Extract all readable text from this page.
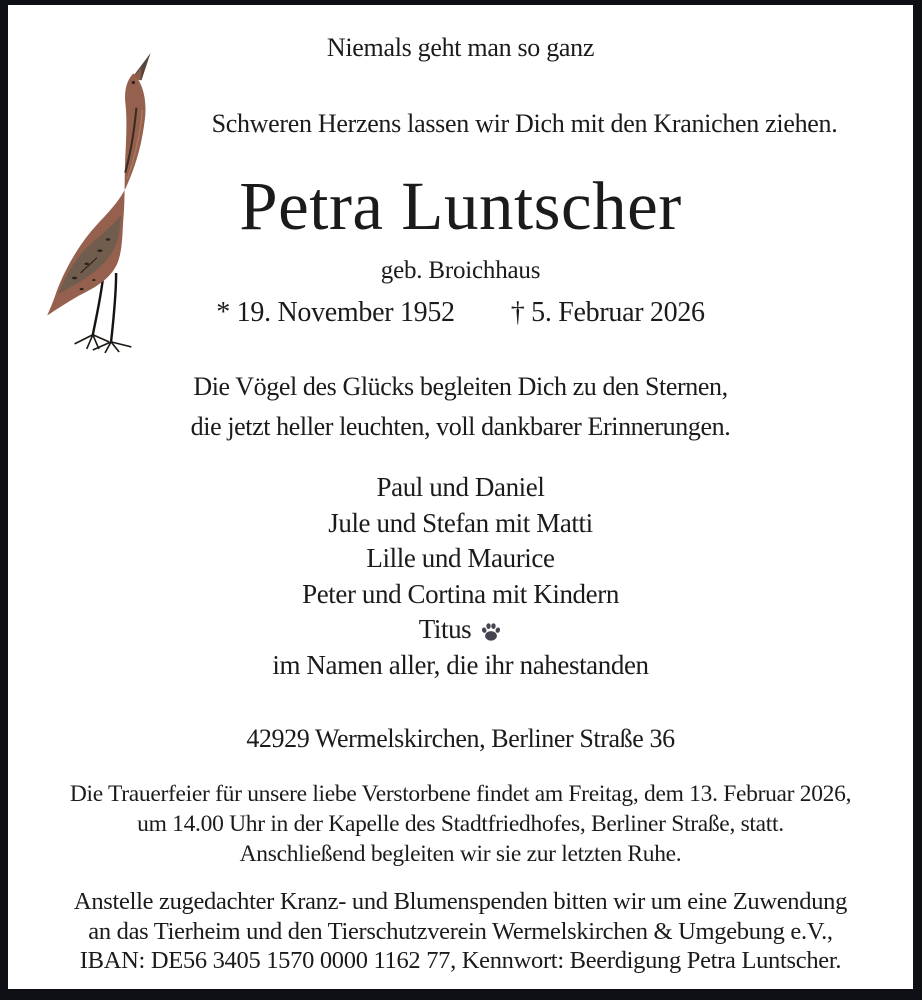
Niemals geht man so ganz
Schweren Herzens lassen wir Dich mit den Kranichen ziehen.
Petra Luntscher
geb. Broichhaus
* 19. November 1952 † 5. Februar 2026
Die Vögel des Glücks begleiten Dich zu den Sternen,
die jetzt heller leuchten, voll dankbarer Erinnerungen.
Paul und Daniel
Jule und Stefan mit Matti
Lille und Maurice
Peter und Cortina mit Kindern
Titus
im Namen aller, die ihr nahestanden
42929 Wermelskirchen, Berliner Straße 36
Die Trauerfeier für unsere liebe Verstorbene findet am Freitag, dem 13. Februar 2026,
um 14.00 Uhr in der Kapelle des Stadtfriedhofes, Berliner Straße, statt.
Anschließend begleiten wir sie zur letzten Ruhe.
Anstelle zugedachter Kranz- und Blumenspenden bitten wir um eine Zuwendung
an das Tierheim und den Tierschutzverein Wermelskirchen & Umgebung e.V.,
IBAN: DE56 3405 1570 0000 1162 77, Kennwort: Beerdigung Petra Luntscher.
